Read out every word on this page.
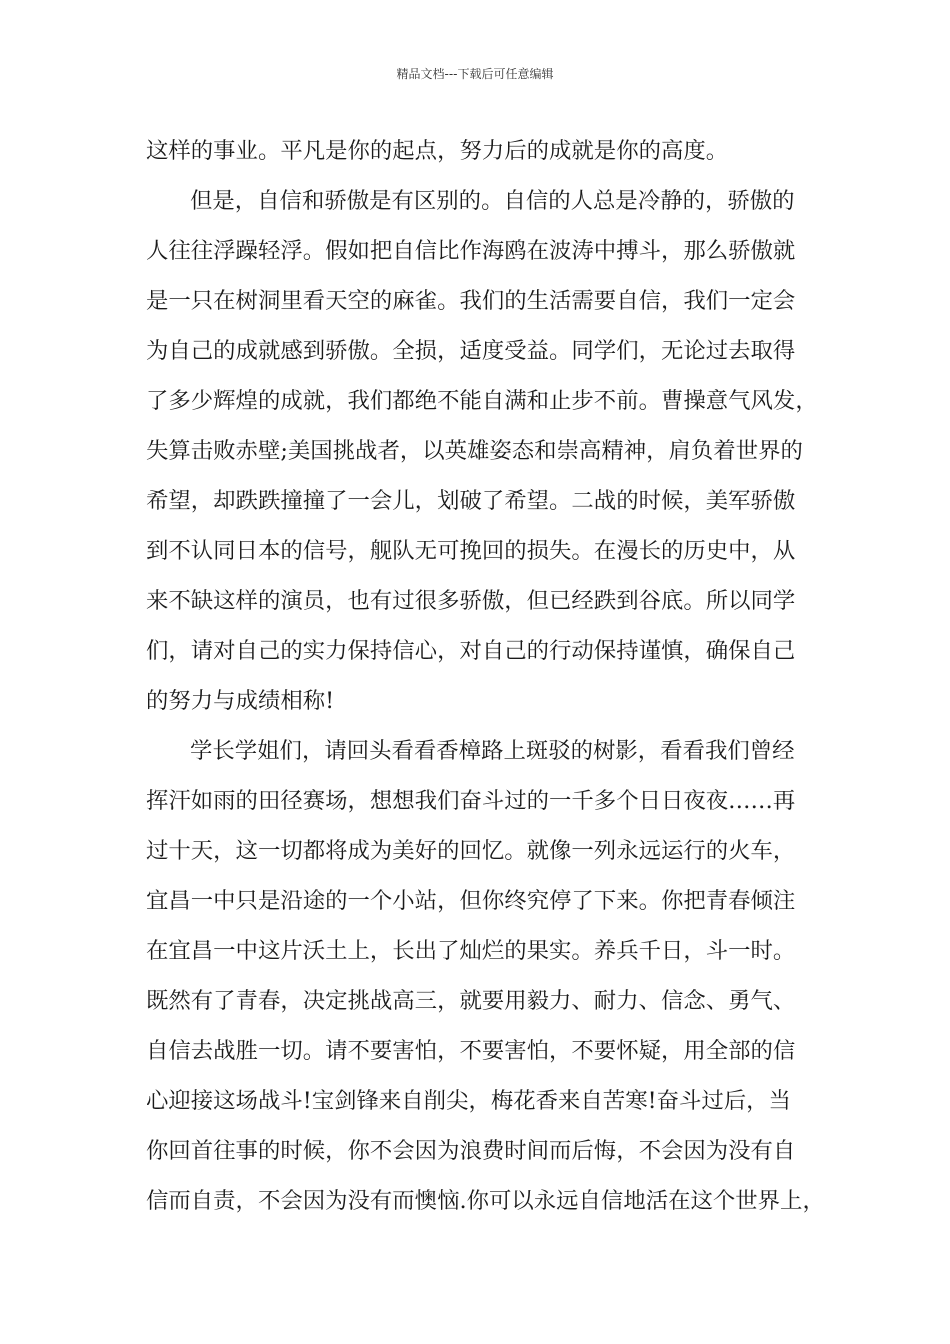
精品文档---下载后可任意编辑
这样的事业。平凡是你的起点，努力后的成就是你的高度。
但是，自信和骄傲是有区别的。自信的人总是冷静的，骄傲的
人往往浮躁轻浮。假如把自信比作海鸥在波涛中搏斗，那么骄傲就
是一只在树洞里看天空的麻雀。我们的生活需要自信，我们一定会
为自己的成就感到骄傲。全损，适度受益。同学们，无论过去取得
了多少辉煌的成就，我们都绝不能自满和止步不前。曹操意气风发，
失算击败赤壁;美国挑战者，以英雄姿态和崇高精神，肩负着世界的
希望，却跌跌撞撞了一会儿，划破了希望。二战的时候，美军骄傲
到不认同日本的信号，舰队无可挽回的损失。在漫长的历史中，从
来不缺这样的演员，也有过很多骄傲，但已经跌到谷底。所以同学
们，请对自己的实力保持信心，对自己的行动保持谨慎，确保自己
的努力与成绩相称!
学长学姐们，请回头看看香樟路上斑驳的树影，看看我们曾经
挥汗如雨的田径赛场，想想我们奋斗过的一千多个日日夜夜……再
过十天，这一切都将成为美好的回忆。就像一列永远运行的火车，
宜昌一中只是沿途的一个小站，但你终究停了下来。你把青春倾注
在宜昌一中这片沃土上，长出了灿烂的果实。养兵千日，斗一时。
既然有了青春，决定挑战高三，就要用毅力、耐力、信念、勇气、
自信去战胜一切。请不要害怕，不要害怕，不要怀疑，用全部的信
心迎接这场战斗!宝剑锋来自削尖，梅花香来自苦寒!奋斗过后，当
你回首往事的时候，你不会因为浪费时间而后悔，不会因为没有自
信而自责，不会因为没有而懊恼.你可以永远自信地活在这个世界上，
